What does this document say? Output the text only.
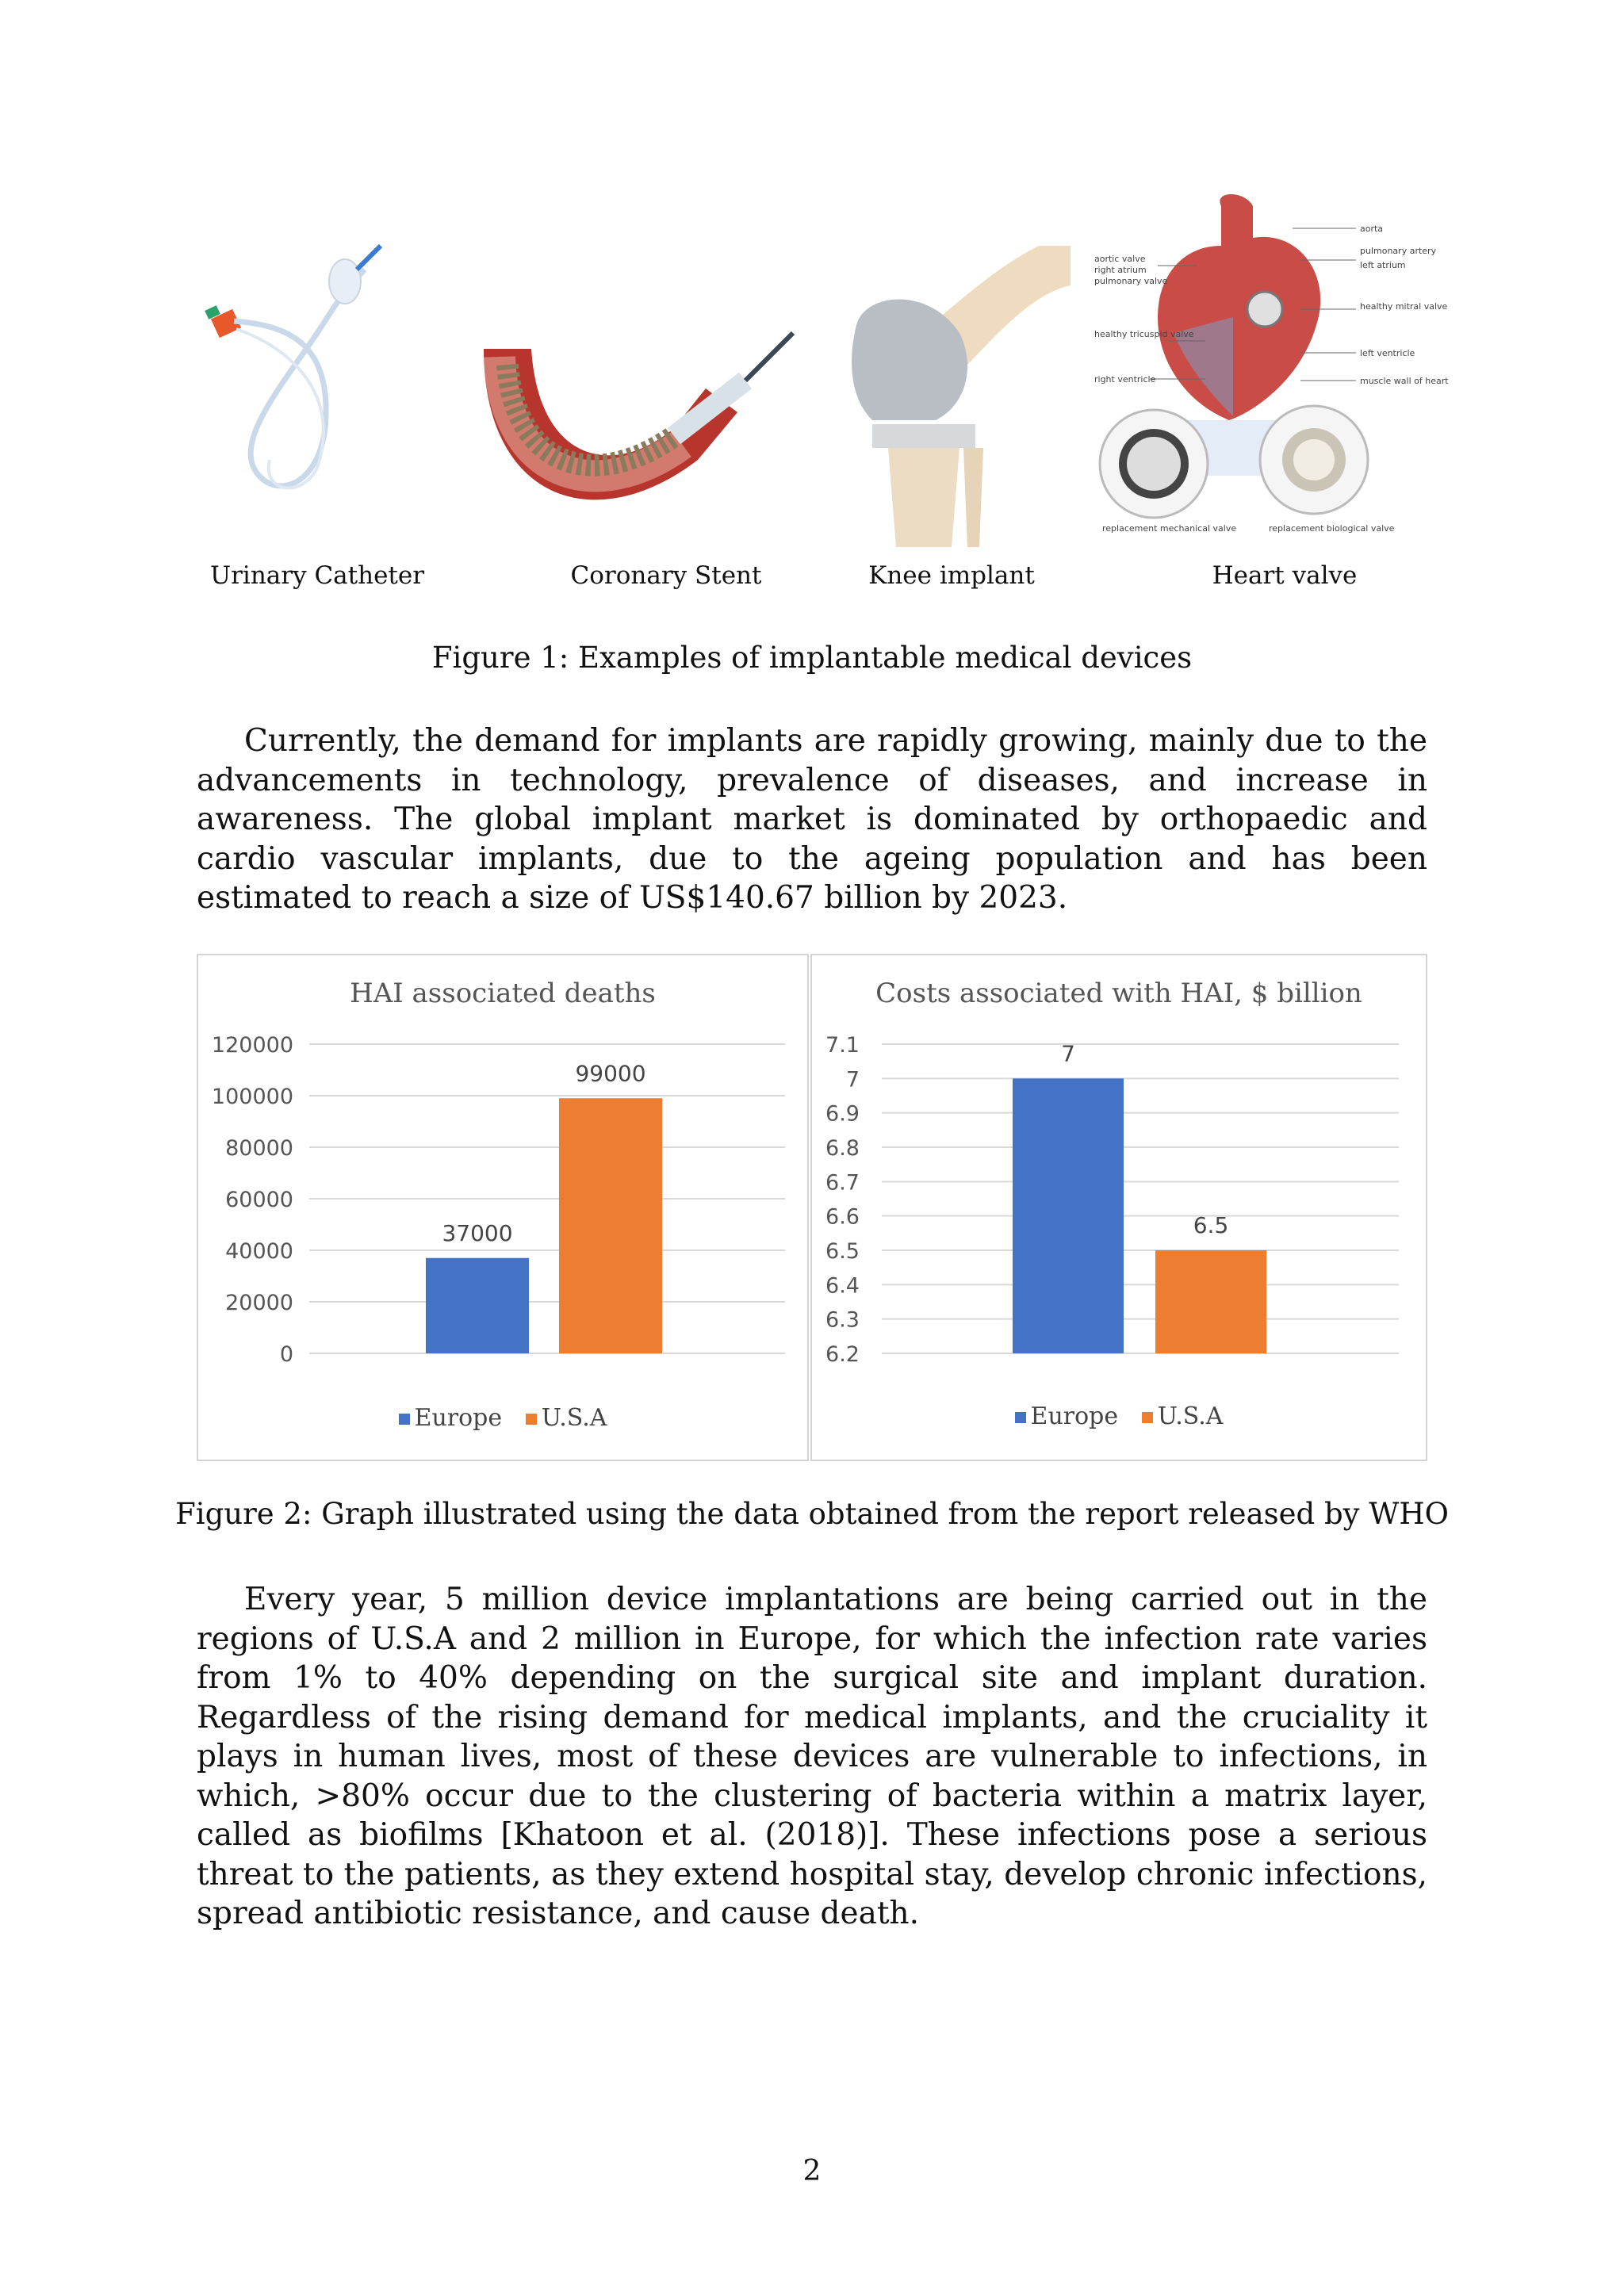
aorta
pulmonary artery
left atrium
aortic valve
right atrium
pulmonary valve
healthy mitral valve
healthy tricuspid valve
left ventricle
right ventricle	muscle wall of heart
replacement mechanical valve	replacement biological valve
Urinary Catheter	Coronary Stent	Knee implant	Heart valve
Figure 1: Examples of implantable medical devices

Currently, the demand for implants are rapidly growing, mainly due to the advancements in technology, prevalence of diseases, and increase in awareness. The global implant market is dominated by orthopaedic and cardio vascular implants, due to the ageing population and has been estimated to reach a size of US$140.67 billion by 2023.

HAI associated deaths
0
20000
40000
60000
80000
100000
120000
37000
99000
Europe U.S.A
Costs associated with HAI, $ billion
6.2
6.3
6.4
6.5
6.6
6.7
6.8
6.9
7
7.1	7
6.5
Europe U.S.A
Figure 2: Graph illustrated using the data obtained from the report released by WHO

Every year, 5 million device implantations are being carried out in the regions of U.S.A and 2 million in Europe, for which the infection rate varies from 1% to 40% depending on the surgical site and implant duration. Regardless of the rising demand for medical implants, and the cruciality it plays in human lives, most of these devices are vulnerable to infections, in which, >80% occur due to the clustering of bacteria within a matrix layer, called as biofilms [Khatoon et al. (2018)]. These infections pose a serious threat to the patients, as they extend hospital stay, develop chronic infections, spread antibiotic resistance, and cause death.

2
